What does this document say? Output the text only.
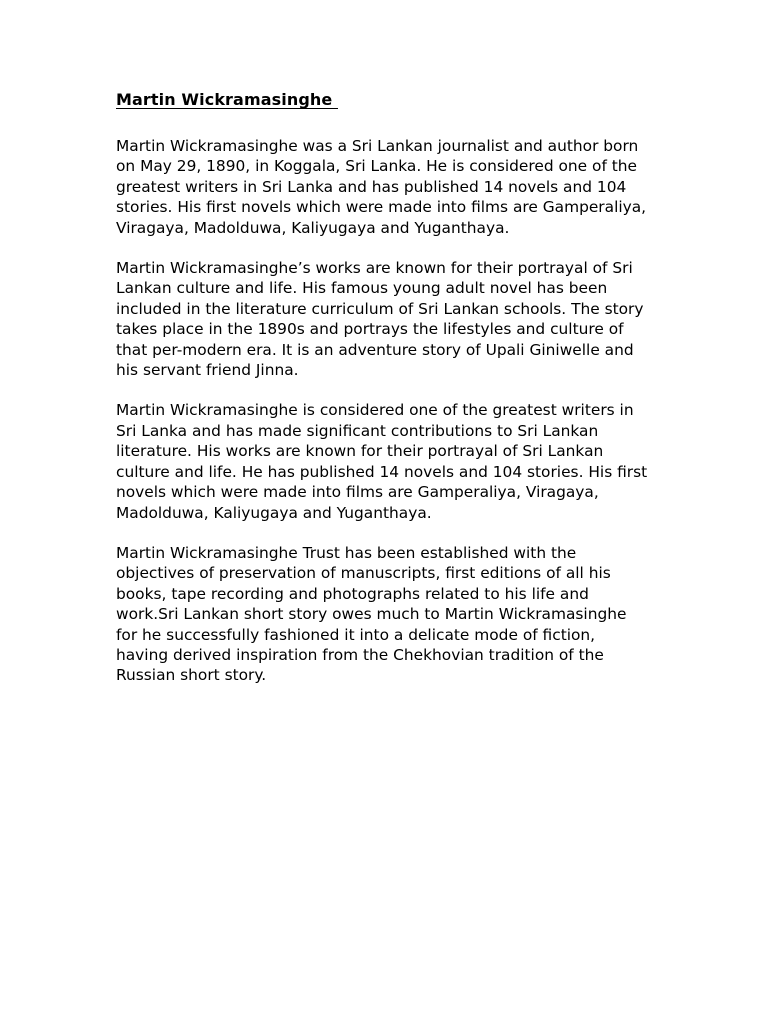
Martin Wickramasinghe

Martin Wickramasinghe was a Sri Lankan journalist and author born on May 29, 1890, in Koggala, Sri Lanka. He is considered one of the greatest writers in Sri Lanka and has published 14 novels and 104 stories. His first novels which were made into films are Gamperaliya, Viragaya, Madolduwa, Kaliyugaya and Yuganthaya.

Martin Wickramasinghe’s works are known for their portrayal of Sri Lankan culture and life. His famous young adult novel has been included in the literature curriculum of Sri Lankan schools. The story takes place in the 1890s and portrays the lifestyles and culture of that per-modern era. It is an adventure story of Upali Giniwelle and his servant friend Jinna.

Martin Wickramasinghe is considered one of the greatest writers in Sri Lanka and has made significant contributions to Sri Lankan literature. His works are known for their portrayal of Sri Lankan culture and life. He has published 14 novels and 104 stories. His first novels which were made into films are Gamperaliya, Viragaya, Madolduwa, Kaliyugaya and Yuganthaya.

Martin Wickramasinghe Trust has been established with the objectives of preservation of manuscripts, first editions of all his books, tape recording and photographs related to his life and work.Sri Lankan short story owes much to Martin Wickramasinghe for he successfully fashioned it into a delicate mode of fiction, having derived inspiration from the Chekhovian tradition of the Russian short story.
